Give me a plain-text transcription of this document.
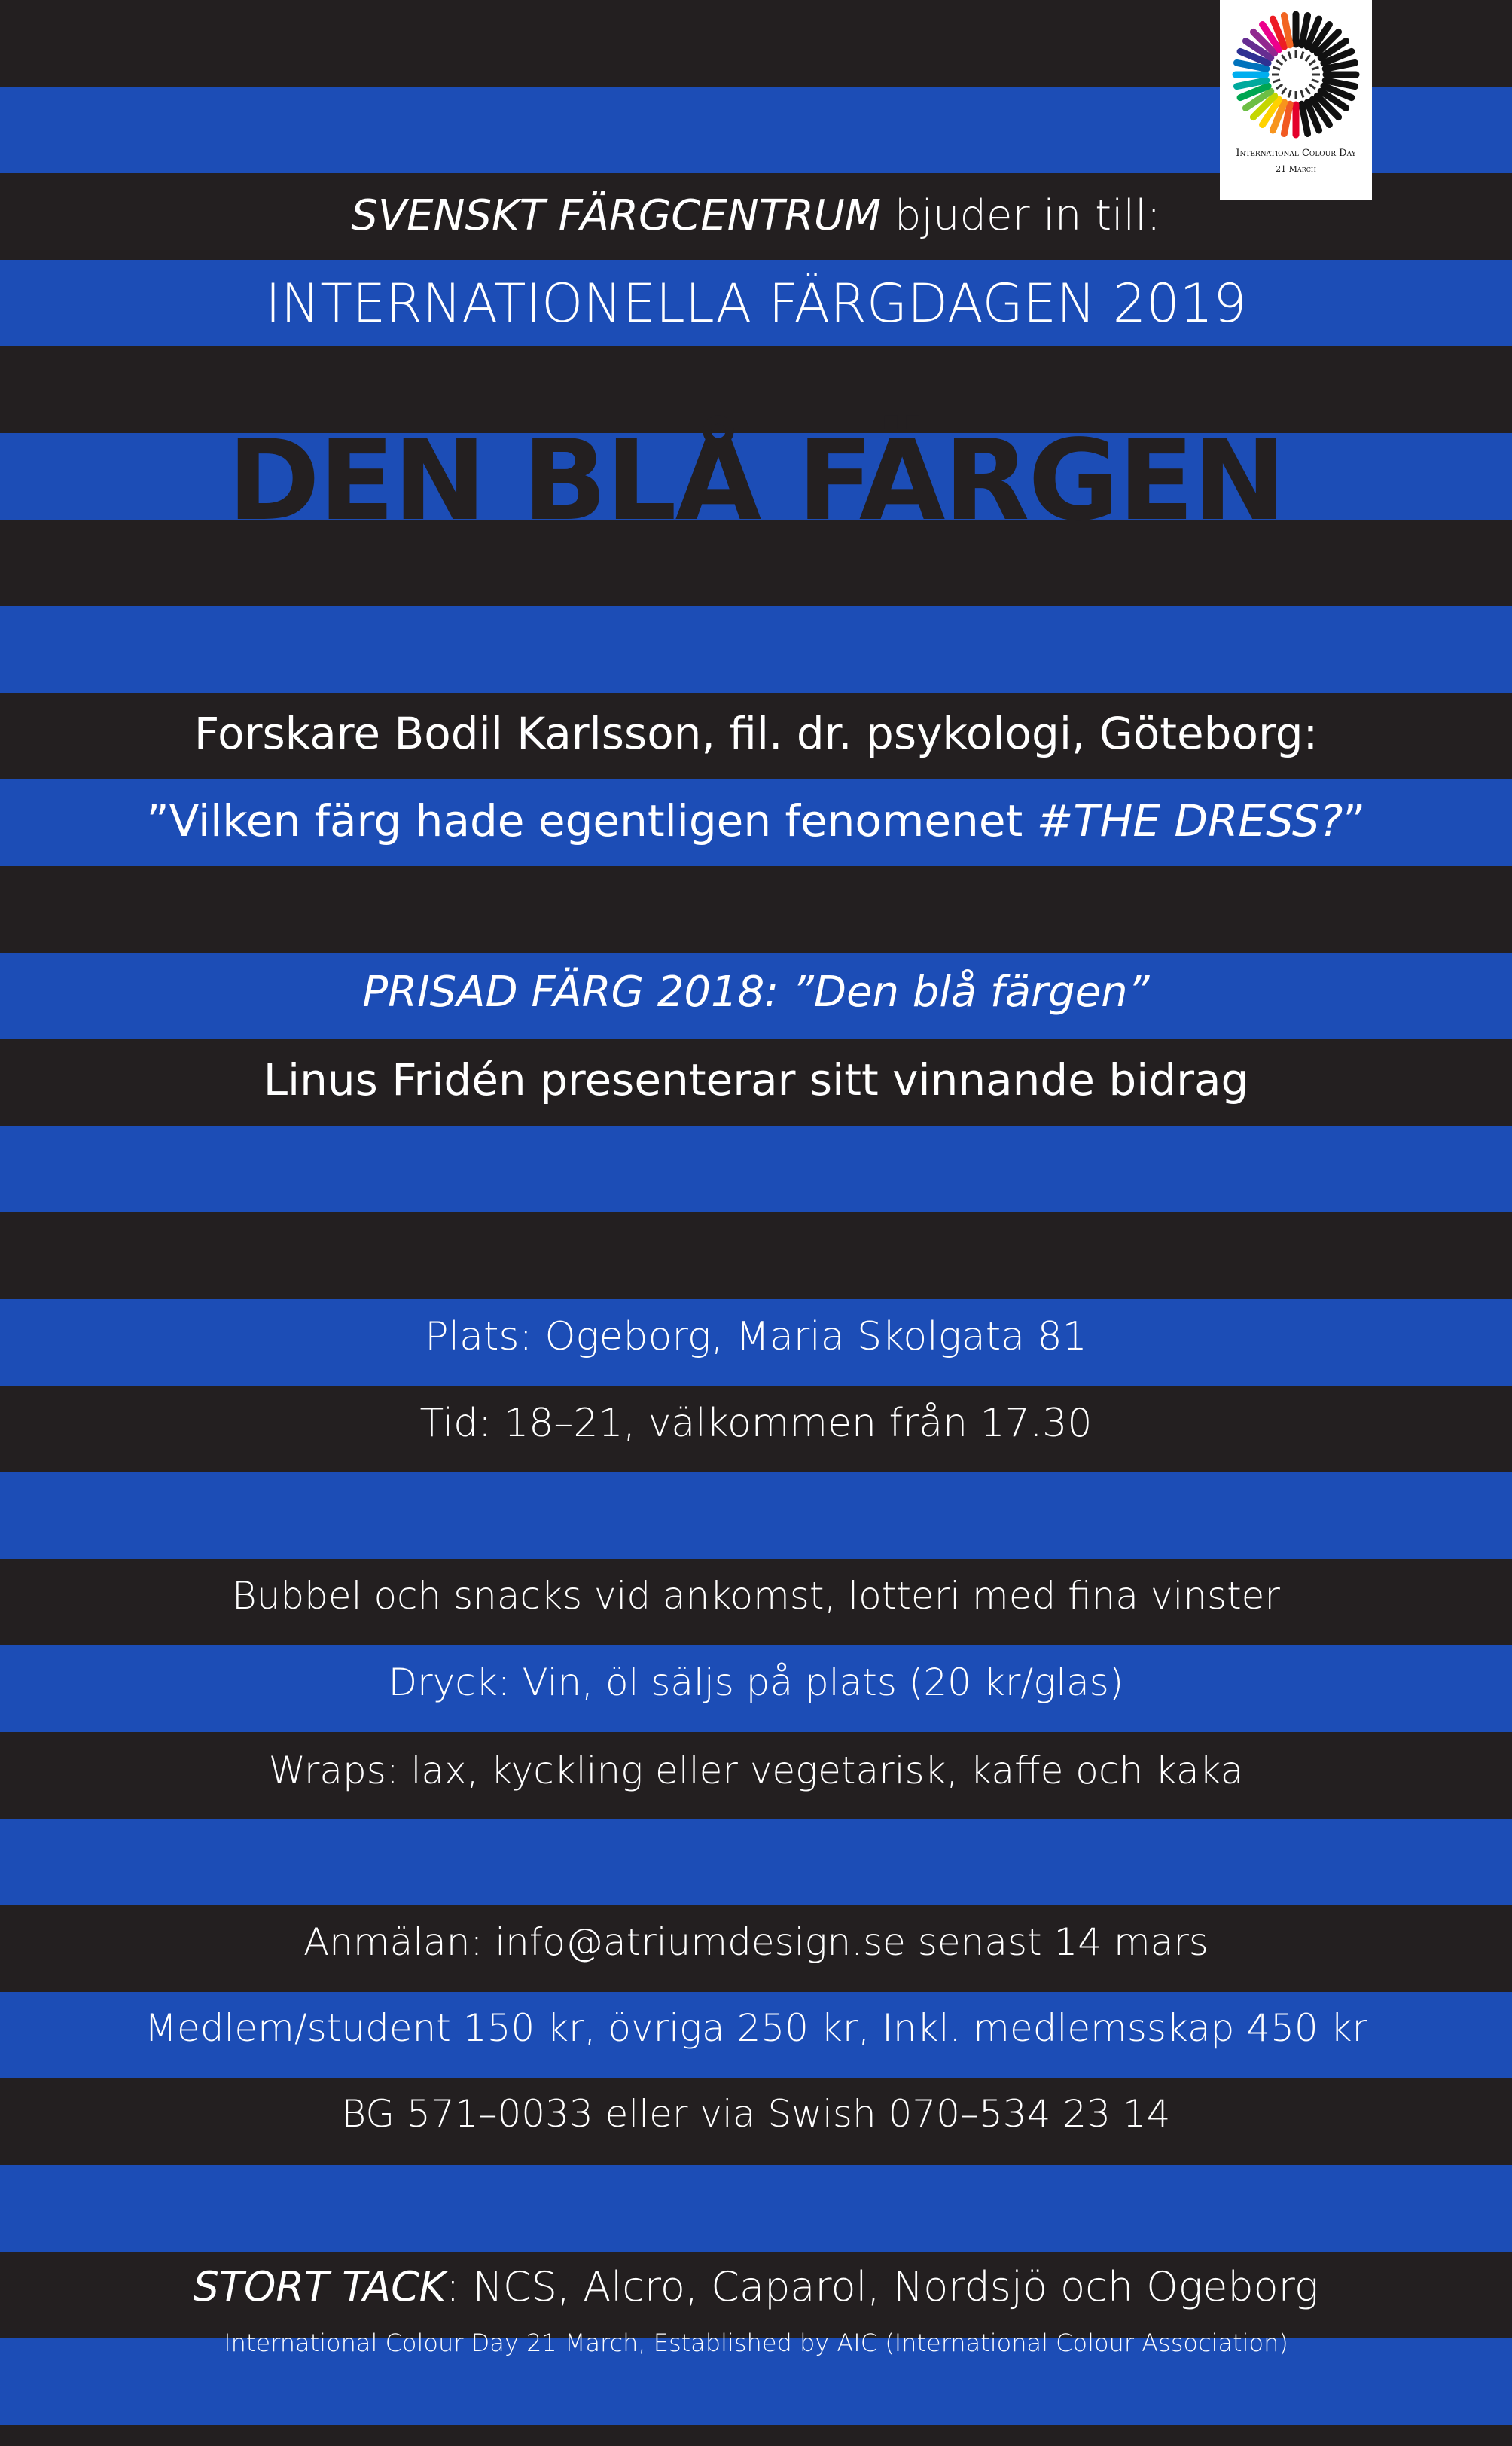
International Colour Day
21 March
SVENSKT FÄRGCENTRUM bjuder in till:
INTERNATIONELLA FÄRGDAGEN 2019
DEN BLÅ FÄRGEN
Forskare Bodil Karlsson, fil. dr. psykologi, Göteborg:
”Vilken färg hade egentligen fenomenet #THE DRESS?”
PRISAD FÄRG 2018: ”Den blå färgen”
Linus Fridén presenterar sitt vinnande bidrag
Plats: Ogeborg, Maria Skolgata 81
Tid: 18–21, välkommen från 17.30
Bubbel och snacks vid ankomst, lotteri med fina vinster
Dryck: Vin, öl säljs på plats (20 kr/glas)
Wraps: lax, kyckling eller vegetarisk, kaffe och kaka
Anmälan: info@atriumdesign.se senast 14 mars
Medlem/student 150 kr, övriga 250 kr, Inkl. medlemsskap 450 kr
BG 571–0033 eller via Swish 070–534 23 14
STORT TACK: NCS, Alcro, Caparol, Nordsjö och Ogeborg
International Colour Day 21 March, Established by AIC (International Colour Association)
